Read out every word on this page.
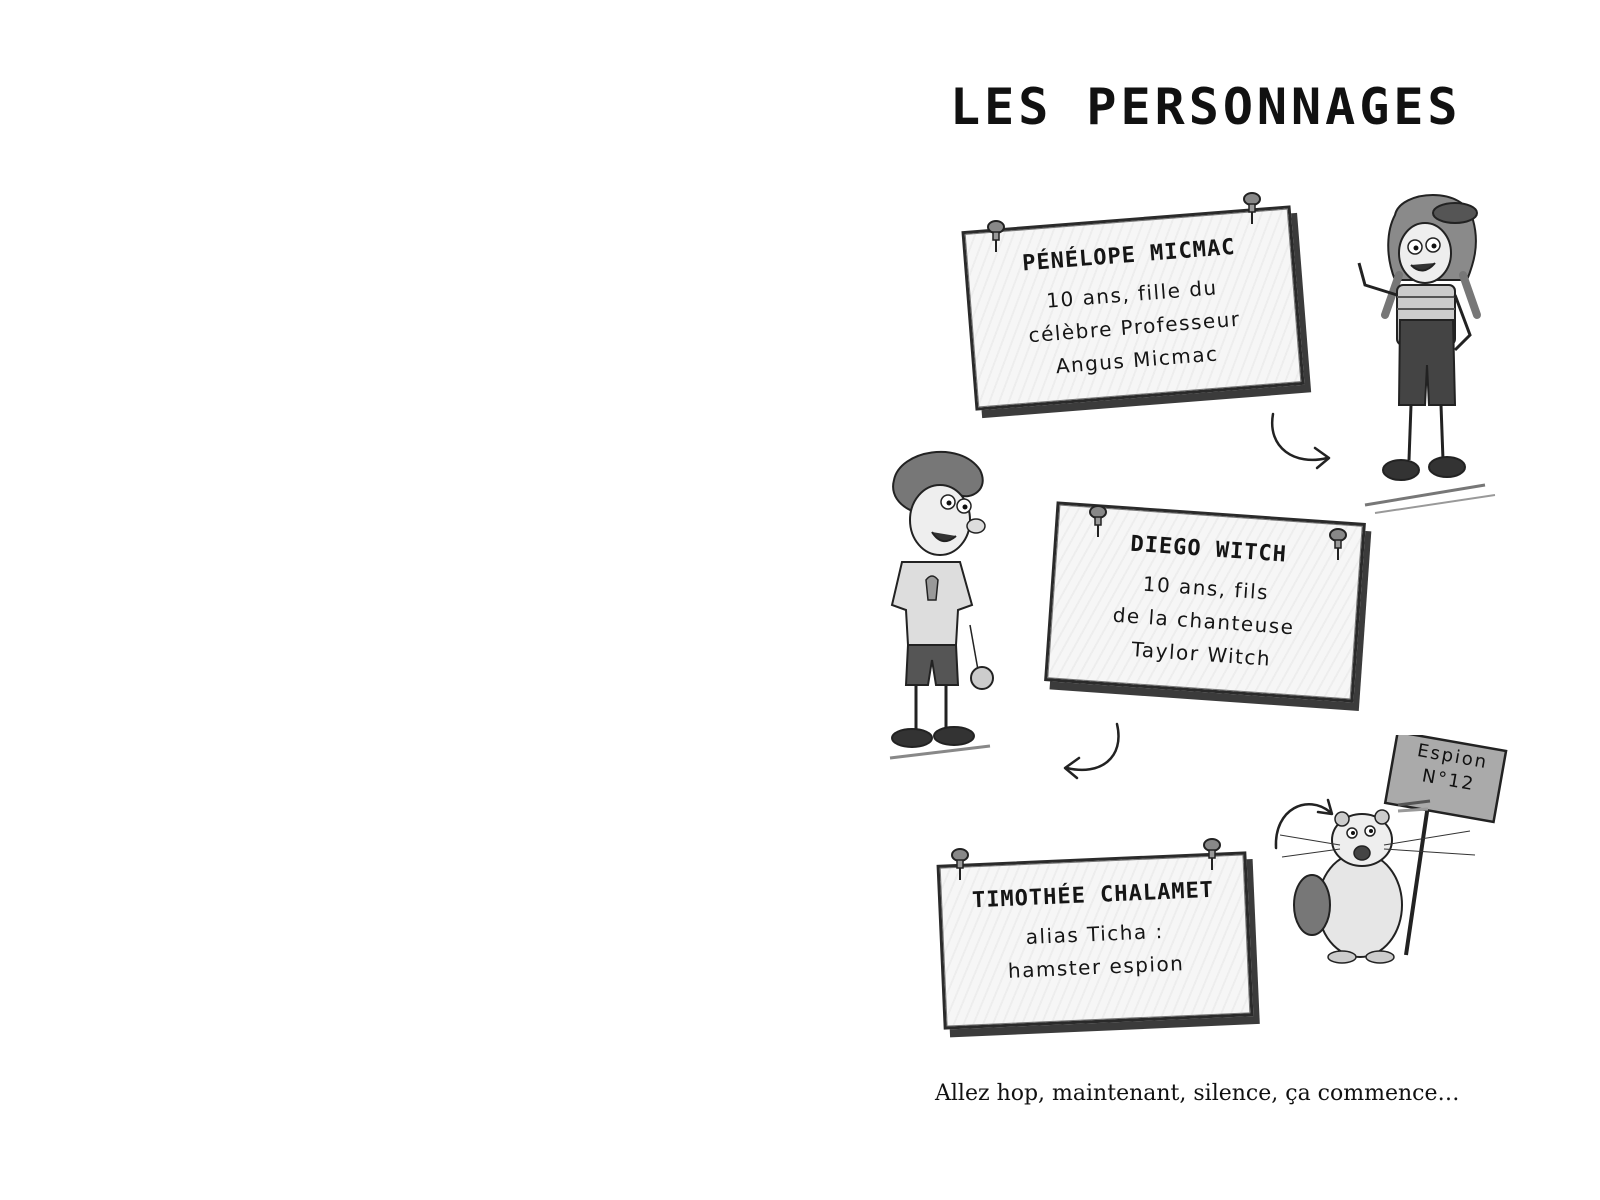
LES PERSONNAGES
PÉNÉLOPE MICMAC
10 ans, fille du
célèbre Professeur
Angus Micmac
DIEGO WITCH
10 ans, fils
de la chanteuse
Taylor Witch
TIMOTHÉE CHALAMET
alias Ticha :
hamster espion
Espion
N°12
Allez hop, maintenant, silence, ça commence…
